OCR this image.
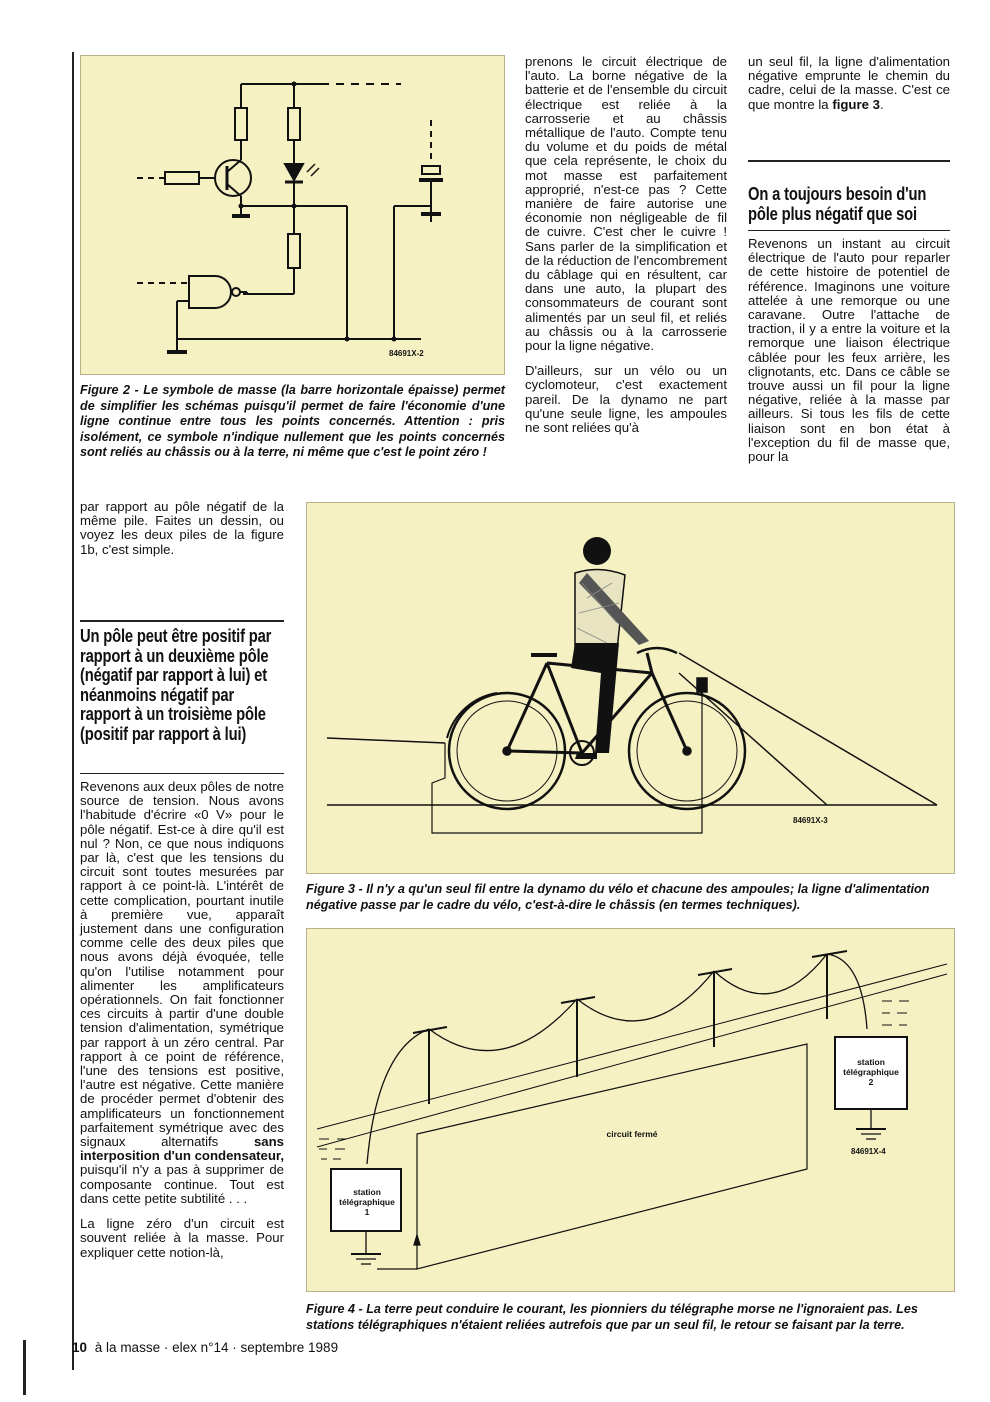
84691X-2
Figure 2 - Le symbole de masse (la barre horizontale épaisse) permet de simplifier les schémas puisqu'il permet de faire l'économie d'une ligne continue entre tous les points concernés. Attention : pris isolément, ce symbole n'indique nullement que les points concernés sont reliés au châssis ou à la terre, ni même que c'est le point zéro !

prenons le circuit électrique de l'auto. La borne négative de la batterie et de l'ensemble du circuit électrique est reliée à la carrosserie et au châssis métallique de l'auto. Compte tenu du volume et du poids de métal que cela représente, le choix du mot masse est parfaitement approprié, n'est-ce pas ? Cette manière de faire autorise une économie non négligeable de fil de cuivre. C'est cher le cuivre ! Sans parler de la simplification et de la réduction de l'encombrement du câblage qui en résultent, car dans une auto, la plupart des consommateurs de courant sont alimentés par un seul fil, et reliés au châssis ou à la carrosserie pour la ligne négative.

D'ailleurs, sur un vélo ou un cyclomoteur, c'est exactement pareil. De la dynamo ne part qu'une seule ligne, les ampoules ne sont reliées qu'à

un seul fil, la ligne d'alimentation négative emprunte le chemin du cadre, celui de la masse. C'est ce que montre la figure 3.

On a toujours besoin d'un pôle plus négatif que soi

Revenons un instant au circuit électrique de l'auto pour reparler de cette histoire de potentiel de référence. Imaginons une voiture attelée à une remorque ou une caravane. Outre l'attache de traction, il y a entre la voiture et la remorque une liaison électrique câblée pour les feux arrière, les clignotants, etc. Dans ce câble se trouve aussi un fil pour la ligne négative, reliée à la masse par ailleurs. Si tous les fils de cette liaison sont en bon état à l'exception du fil de masse que, pour la

par rapport au pôle négatif de la même pile. Faites un dessin, ou voyez les deux piles de la figure 1b, c'est simple.

Un pôle peut être positif par rapport à un deuxième pôle (négatif par rapport à lui) et néanmoins négatif par rapport à un troisième pôle (positif par rapport à lui)

Revenons aux deux pôles de notre source de tension. Nous avons l'habitude d'écrire «0 V» pour le pôle négatif. Est-ce à dire qu'il est nul ? Non, ce que nous indiquons par là, c'est que les tensions du circuit sont toutes mesurées par rapport à ce point-là. L'intérêt de cette complication, pourtant inutile à première vue, apparaît justement dans une configuration comme celle des deux piles que nous avons déjà évoquée, telle qu'on l'utilise notamment pour alimenter les amplificateurs opérationnels. On fait fonctionner ces circuits à partir d'une double tension d'alimentation, symétrique par rapport à un zéro central. Par rapport à ce point de référence, l'une des tensions est positive, l'autre est négative. Cette manière de procéder permet d'obtenir des amplificateurs un fonctionnement parfaitement symétrique avec des signaux alternatifs	sans interposition d'un condensateur, puisqu'il n'y a pas à supprimer de composante continue. Tout est dans cette petite subtilité . . .

La ligne zéro d'un circuit est souvent reliée à la masse. Pour expliquer cette notion-là,

84691X-3
Figure 3 - Il n'y a qu'un seul fil entre la dynamo du vélo et chacune des ampoules; la ligne d'alimentation négative passe par le cadre du vélo, c'est-à-dire le châssis (en termes techniques).
station télégraphique 1
station télégraphique 2
circuit fermé
84691X-4
Figure 4 - La terre peut conduire le courant, les pionniers du télégraphe morse ne l'ignoraient pas. Les stations télégraphiques n'étaient reliées autrefois que par un seul fil, le retour se faisant par la terre.
10 à la masse · elex n°14 · septembre 1989
